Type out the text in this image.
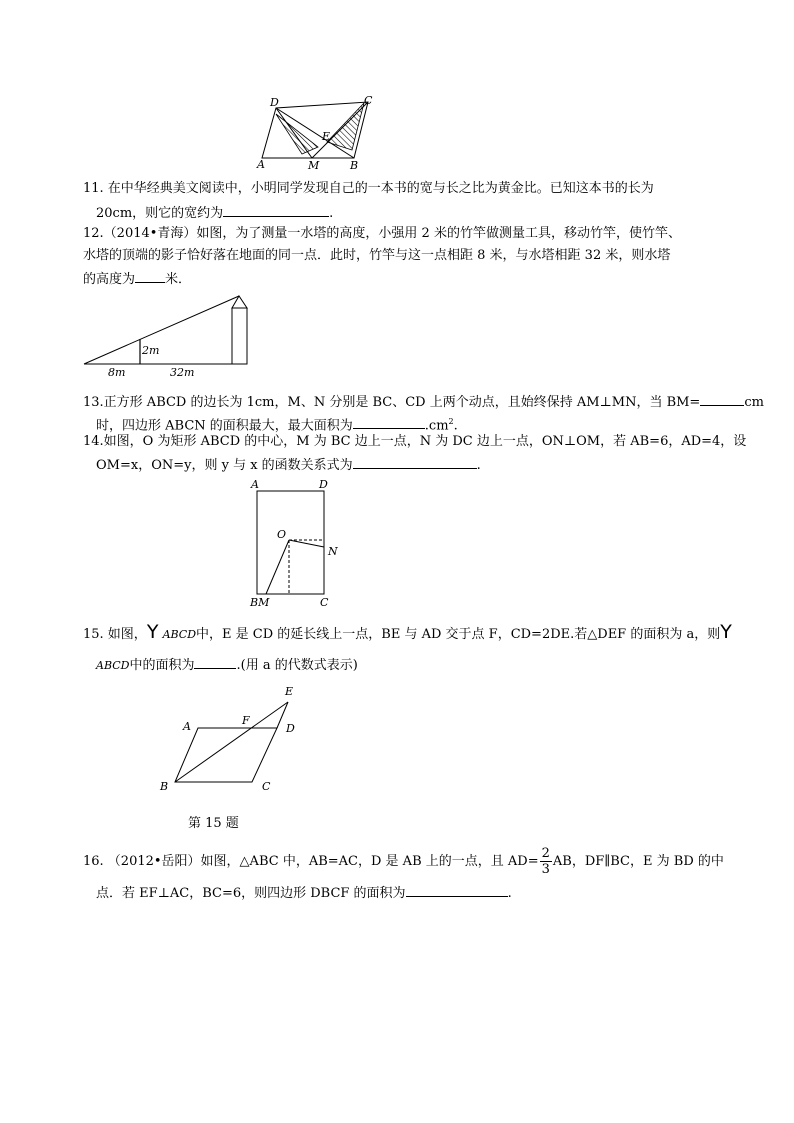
D	C
E
A	M	B
11. 在中华经典美文阅读中，小明同学发现自己的一本书的宽与长之比为黄金比。已知这本书的长为
20cm，则它的宽约为	.
12.（2014•青海）如图，为了测量一水塔的高度，小强用 2 米的竹竿做测量工具，移动竹竿，使竹竿、
水塔的顶端的影子恰好落在地面的同一点．此时，竹竿与这一点相距 8 米，与水塔相距 32 米，则水塔
的高度为 米．
2m
8m	32m
13.正方形 ABCD 的边长为 1cm，M、N 分别是 BC、CD 上两个动点，且始终保持 AM⊥MN，当 BM=	cm
时，四边形 ABCN 的面积最大，最大面积为	$.cm^2$.
14.如图，O 为矩形 ABCD 的中心，M 为 BC 边上一点，N 为 DC 边上一点，ON⊥OM，若 AB=6，AD=4，设
OM=x，ON=y，则 y 与 x 的函数关系式为	.
A	D
O
N
BM	C
15. 如图，Y ABCD中，E 是 CD 的延长线上一点，BE 与 AD 交于点 F，CD=2DE.若△DEF 的面积为 a，则Y
ABCD中的面积为	.(用 a 的代数式表示)
E
A	F
D
B	C
第 15 题
16. （2012•岳阳）如图，△ABC 中，AB=AC，D 是 AB 上的一点，且 $AD= \frac{2}{3}$ AB，DF∥BC，E 为 BD 的中
点．若 EF⊥AC，BC=6，则四边形 DBCF 的面积为	.
